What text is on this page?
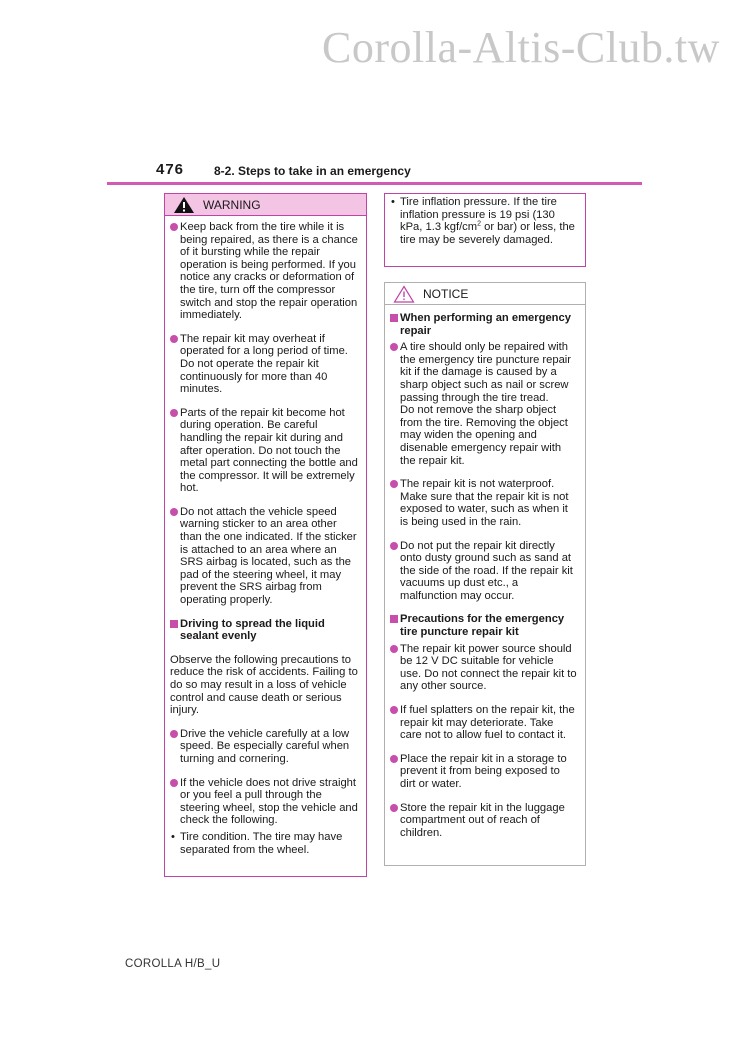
Corolla-Altis-Club.tw
476 8-2. Steps to take in an emergency
WARNING
Keep back from the tire while it is being repaired, as there is a chance of it bursting while the repair operation is being performed. If you notice any cracks or deformation of the tire, turn off the compressor switch and stop the repair operation immediately.
The repair kit may overheat if operated for a long period of time. Do not operate the repair kit continuously for more than 40 minutes.
Parts of the repair kit become hot during operation. Be careful handling the repair kit during and after operation. Do not touch the metal part connecting the bottle and the compressor. It will be extremely hot.
Do not attach the vehicle speed warning sticker to an area other than the one indicated. If the sticker is attached to an area where an SRS airbag is located, such as the pad of the steering wheel, it may prevent the SRS airbag from operating properly.
Driving to spread the liquid sealant evenly
Observe the following precautions to reduce the risk of accidents. Failing to do so may result in a loss of vehicle control and cause death or serious injury.
Drive the vehicle carefully at a low speed. Be especially careful when turning and cornering.
If the vehicle does not drive straight or you feel a pull through the steering wheel, stop the vehicle and check the following.
• Tire condition. The tire may have separated from the wheel.
• Tire inflation pressure. If the tire inflation pressure is 19 psi (130 kPa, 1.3 kgf/$cm^2$ or bar) or less, the tire may be severely damaged.
NOTICE
When performing an emergency repair
A tire should only be repaired with the emergency tire puncture repair kit if the damage is caused by a sharp object such as nail or screw passing through the tire tread.
Do not remove the sharp object from the tire. Removing the object may widen the opening and disenable emergency repair with the repair kit.
The repair kit is not waterproof. Make sure that the repair kit is not exposed to water, such as when it is being used in the rain.
Do not put the repair kit directly onto dusty ground such as sand at the side of the road. If the repair kit vacuums up dust etc., a malfunction may occur.
Precautions for the emergency tire puncture repair kit
The repair kit power source should be 12 V DC suitable for vehicle use. Do not connect the repair kit to any other source.
If fuel splatters on the repair kit, the repair kit may deteriorate. Take care not to allow fuel to contact it.
Place the repair kit in a storage to prevent it from being exposed to dirt or water.
Store the repair kit in the luggage compartment out of reach of children.
COROLLA H/B_U
